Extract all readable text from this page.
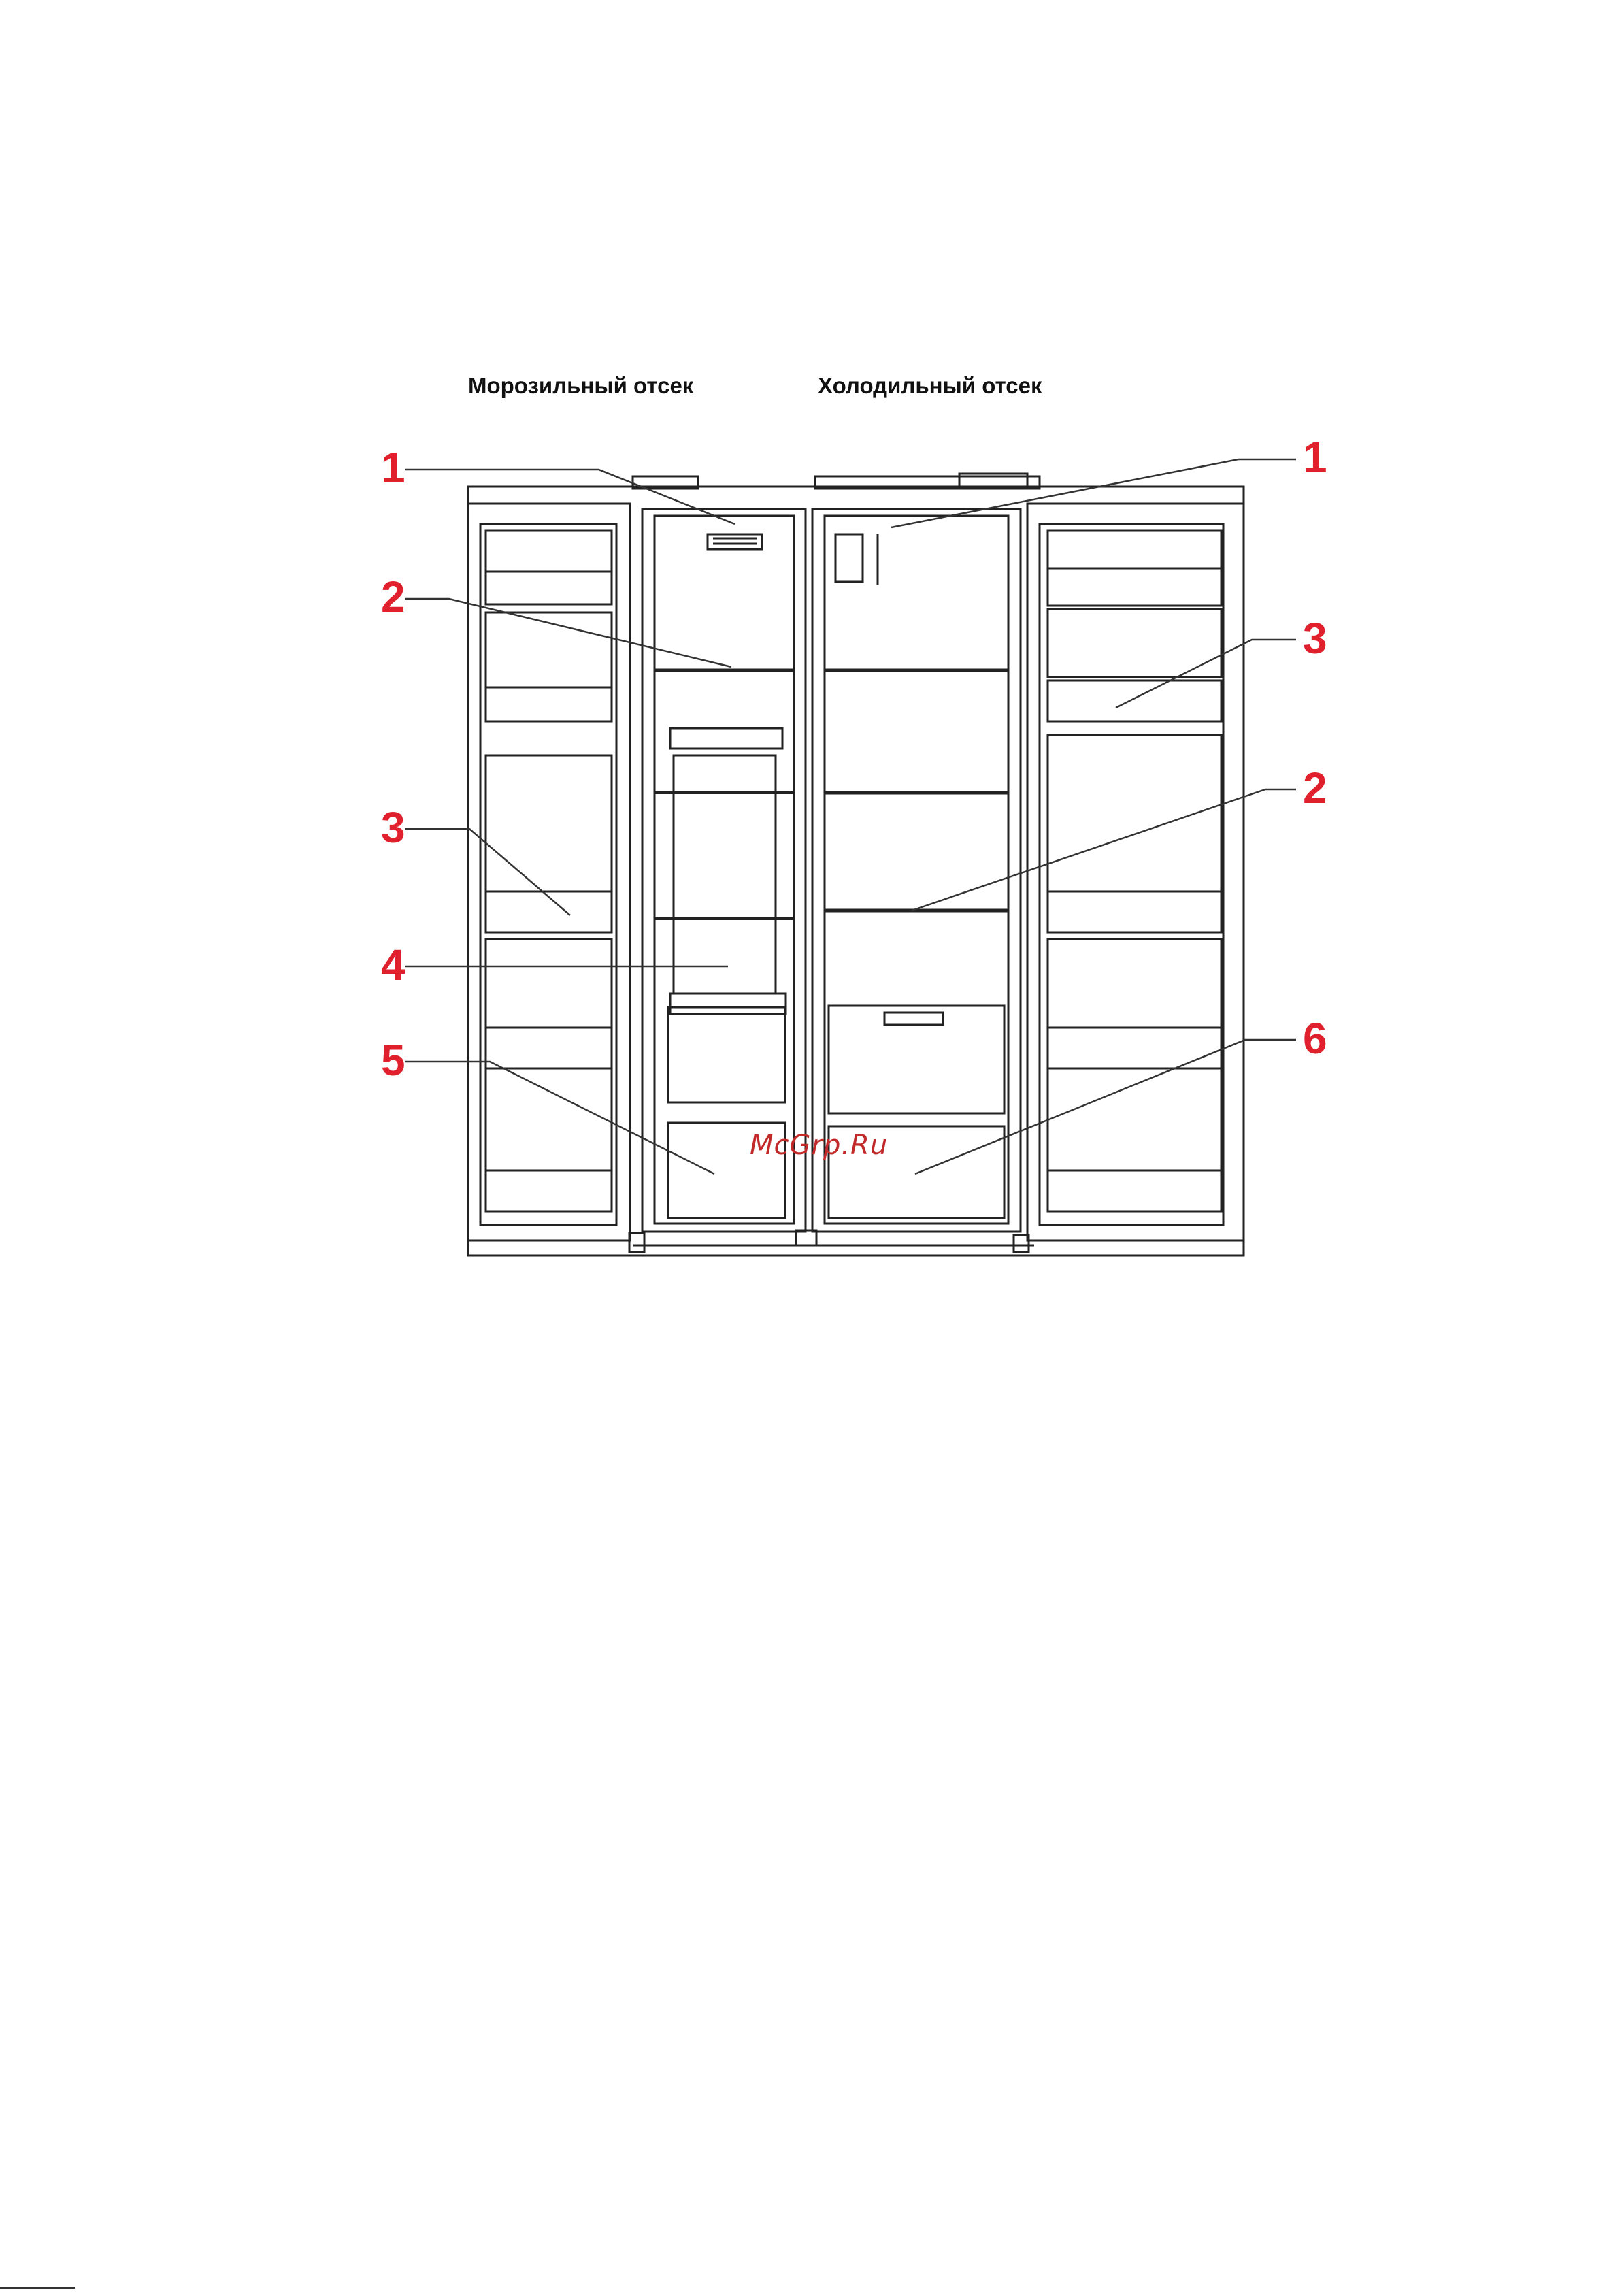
Морозильный отсек	Холодильный отсек
1
2
3
4
5
1
3
2
6
McGrp.Ru
